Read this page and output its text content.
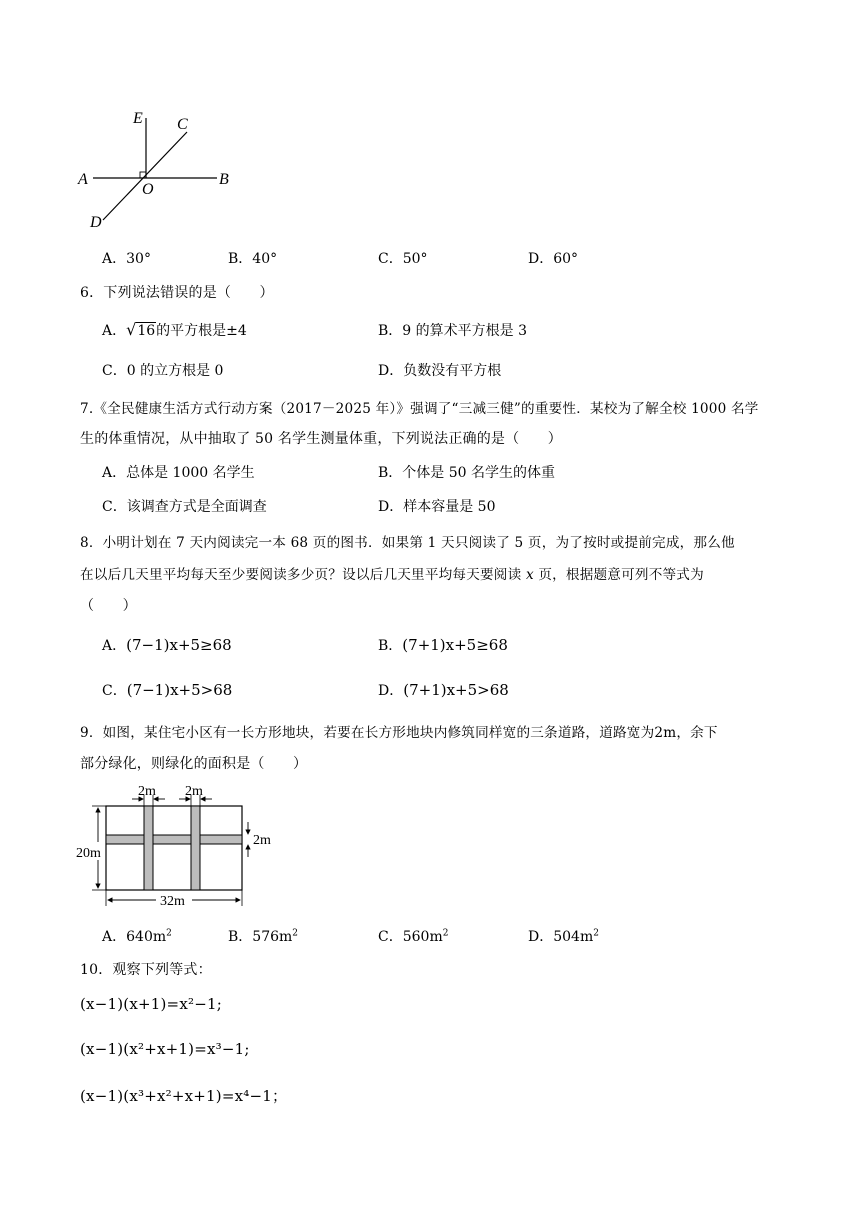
E C
A
O
B
D
A．30°	B．40°	C．50°	D．60°
6．下列说法错误的是（　　）
A．√16的平方根是±4	B．9 的算术平方根是 3
C．0 的立方根是 0	D．负数没有平方根
7.《全民健康生活方式行动方案（2017－2025 年）》强调了“三减三健”的重要性．某校为了解全校 1000 名学
生的体重情况，从中抽取了 50 名学生测量体重，下列说法正确的是（　　）
A．总体是 1000 名学生	B．个体是 50 名学生的体重
C．该调查方式是全面调查	D．样本容量是 50
8．小明计划在 7 天内阅读完一本 68 页的图书．如果第 1 天只阅读了 5 页，为了按时或提前完成，那么他
在以后几天里平均每天至少要阅读多少页？设以后几天里平均每天要阅读 x 页，根据题意可列不等式为
（　　）
A．(7−1)x+5≥68	B．(7+1)x+5≥68
C．(7−1)x+5>68	D．(7+1)x+5>68
9．如图，某住宅小区有一长方形地块，若要在长方形地块内修筑同样宽的三条道路，道路宽为2m，余下
部分绿化，则绿化的面积是（　　）
2m 2m
2m
20m
32m
A．$640m^2$	B．$576m^2$	C．$560m^2$	D．$504m^2$
10．观察下列等式：
(x−1)(x+1)=x²−1;
(x−1)(x²+x+1)=x³−1;
(x−1)(x³+x²+x+1)=x⁴−1；
